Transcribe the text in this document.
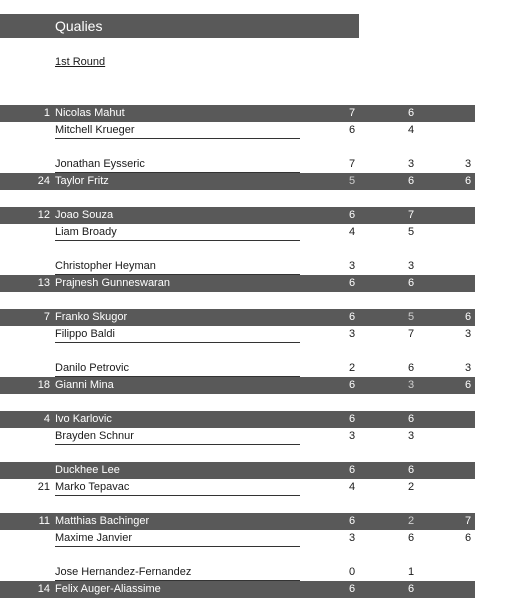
Qualies
1st Round
1 Nicolas Mahut	7	6
Mitchell Krueger	6	4
Jonathan Eysseric	7	3	3
24 Taylor Fritz	5	6	6
12 Joao Souza	6	7
Liam Broady	4	5
Christopher Heyman	3	3
13 Prajnesh Gunneswaran	6	6
7 Franko Skugor	6	5	6
Filippo Baldi	3	7	3
Danilo Petrovic	2	6	3
18 Gianni Mina	6	3	6
4 Ivo Karlovic	6	6
Brayden Schnur	3	3
Duckhee Lee	6	6
21 Marko Tepavac	4	2
11 Matthias Bachinger	6	2	7
Maxime Janvier	3	6	6
Jose Hernandez-Fernandez	0	1
14 Felix Auger-Aliassime	6	6
